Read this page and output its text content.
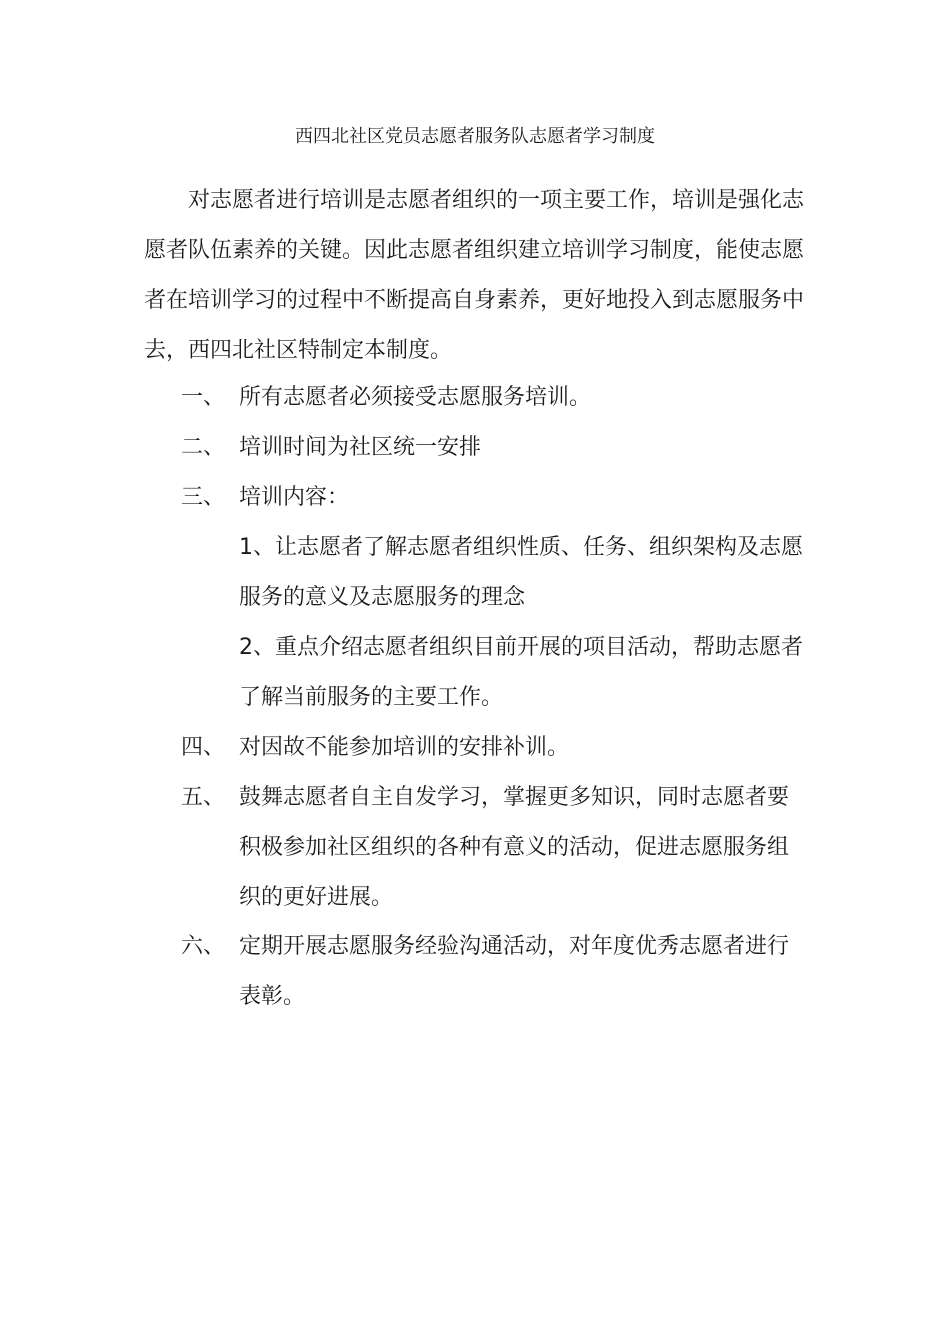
西四北社区党员志愿者服务队志愿者学习制度

对志愿者进行培训是志愿者组织的一项主要工作，培训是强化志愿者队伍素养的关键。因此志愿者组织建立培训学习制度，能使志愿者在培训学习的过程中不断提高自身素养，更好地投入到志愿服务中去，西四北社区特制定本制度。

一、 所有志愿者必须接受志愿服务培训。

二、 培训时间为社区统一安排

三、 培训内容：

1、让志愿者了解志愿者组织性质、任务、组织架构及志愿服务的意义及志愿服务的理念

2、重点介绍志愿者组织目前开展的项目活动，帮助志愿者了解当前服务的主要工作。

四、 对因故不能参加培训的安排补训。

五、 鼓舞志愿者自主自发学习，掌握更多知识，同时志愿者要积极参加社区组织的各种有意义的活动，促进志愿服务组织的更好进展。

六、 定期开展志愿服务经验沟通活动，对年度优秀志愿者进行表彰。
